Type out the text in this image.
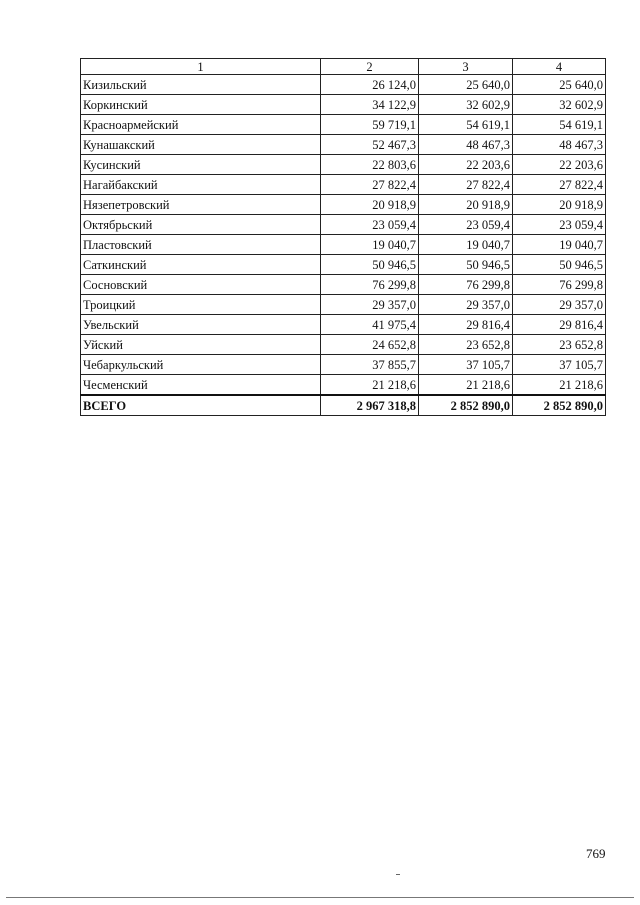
1	2	3	4
Кизильский	26 124,0	25 640,0	25 640,0
Коркинский	34 122,9	32 602,9	32 602,9
Красноармейский	59 719,1	54 619,1	54 619,1
Кунашакский	52 467,3	48 467,3	48 467,3
Кусинский	22 803,6	22 203,6	22 203,6
Нагайбакский	27 822,4	27 822,4	27 822,4
Нязепетровский	20 918,9	20 918,9	20 918,9
Октябрьский	23 059,4	23 059,4	23 059,4
Пластовский	19 040,7	19 040,7	19 040,7
Саткинский	50 946,5	50 946,5	50 946,5
Сосновский	76 299,8	76 299,8	76 299,8
Троицкий	29 357,0	29 357,0	29 357,0
Увельский	41 975,4	29 816,4	29 816,4
Уйский	24 652,8	23 652,8	23 652,8
Чебаркульский	37 855,7	37 105,7	37 105,7
Чесменский	21 218,6	21 218,6	21 218,6
ВСЕГО	2 967 318,8	2 852 890,0	2 852 890,0
769
